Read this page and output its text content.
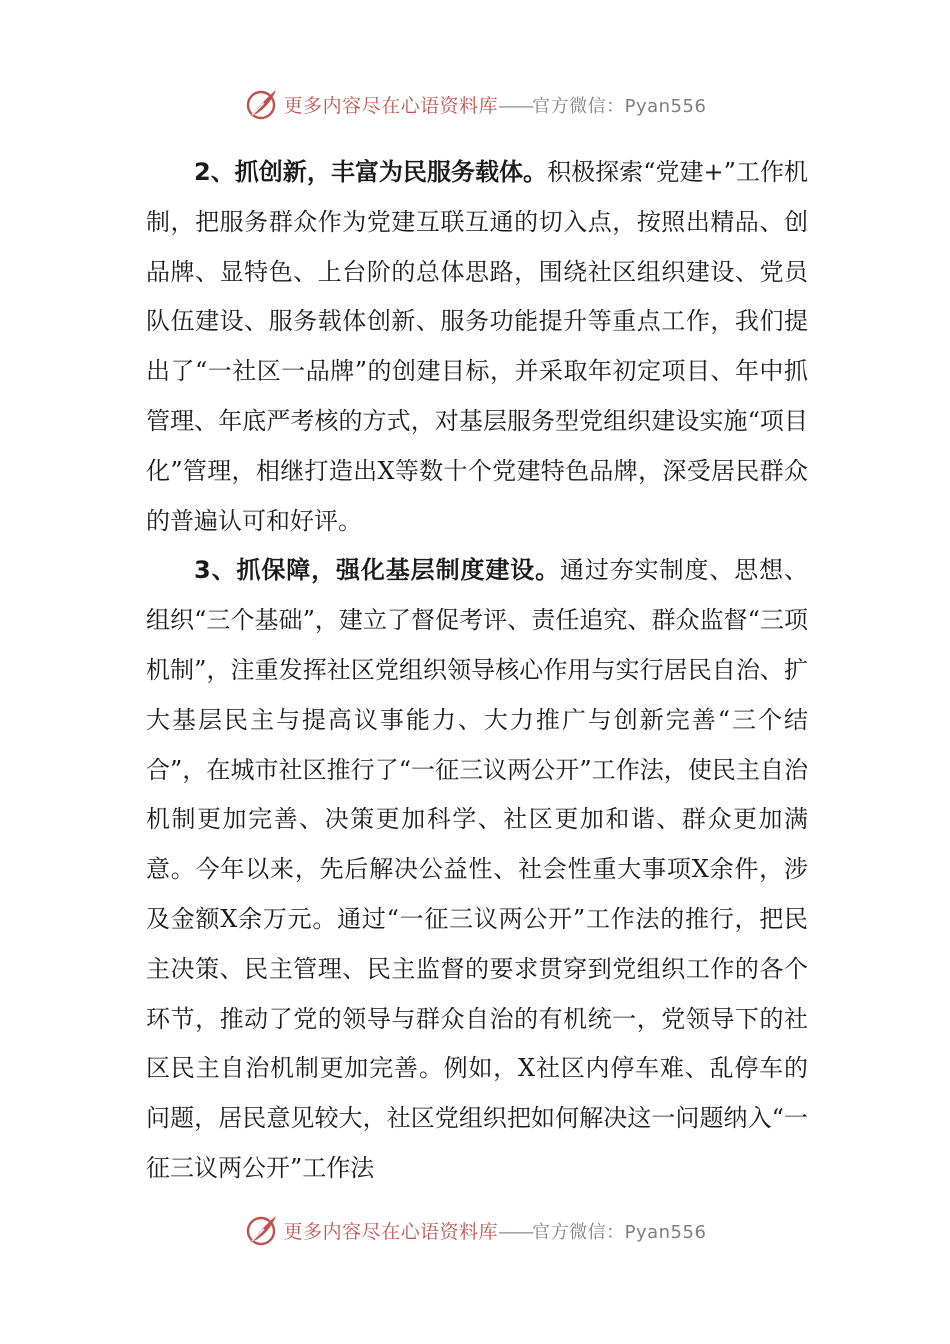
更多内容尽在心语资料库——官方微信：Pyan556

2、抓创新，丰富为民服务载体。积极探索“党建+”工作机制，把服务群众作为党建互联互通的切入点，按照出精品、创品牌、显特色、上台阶的总体思路，围绕社区组织建设、党员队伍建设、服务载体创新、服务功能提升等重点工作，我们提出了“一社区一品牌”的创建目标，并采取年初定项目、年中抓管理、年底严考核的方式，对基层服务型党组织建设实施“项目化”管理，相继打造出X等数十个党建特色品牌，深受居民群众的普遍认可和好评。

3、抓保障，强化基层制度建设。通过夯实制度、思想、组织“三个基础”，建立了督促考评、责任追究、群众监督“三项机制”，注重发挥社区党组织领导核心作用与实行居民自治、扩大基层民主与提高议事能力、大力推广与创新完善“三个结合”，在城市社区推行了“一征三议两公开”工作法，使民主自治机制更加完善、决策更加科学、社区更加和谐、群众更加满意。今年以来，先后解决公益性、社会性重大事项X余件，涉及金额X余万元。通过“一征三议两公开”工作法的推行，把民主决策、民主管理、民主监督的要求贯穿到党组织工作的各个环节，推动了党的领导与群众自治的有机统一，党领导下的社区民主自治机制更加完善。例如，X社区内停车难、乱停车的问题，居民意见较大，社区党组织把如何解决这一问题纳入“一征三议两公开”工作法

更多内容尽在心语资料库——官方微信：Pyan556
